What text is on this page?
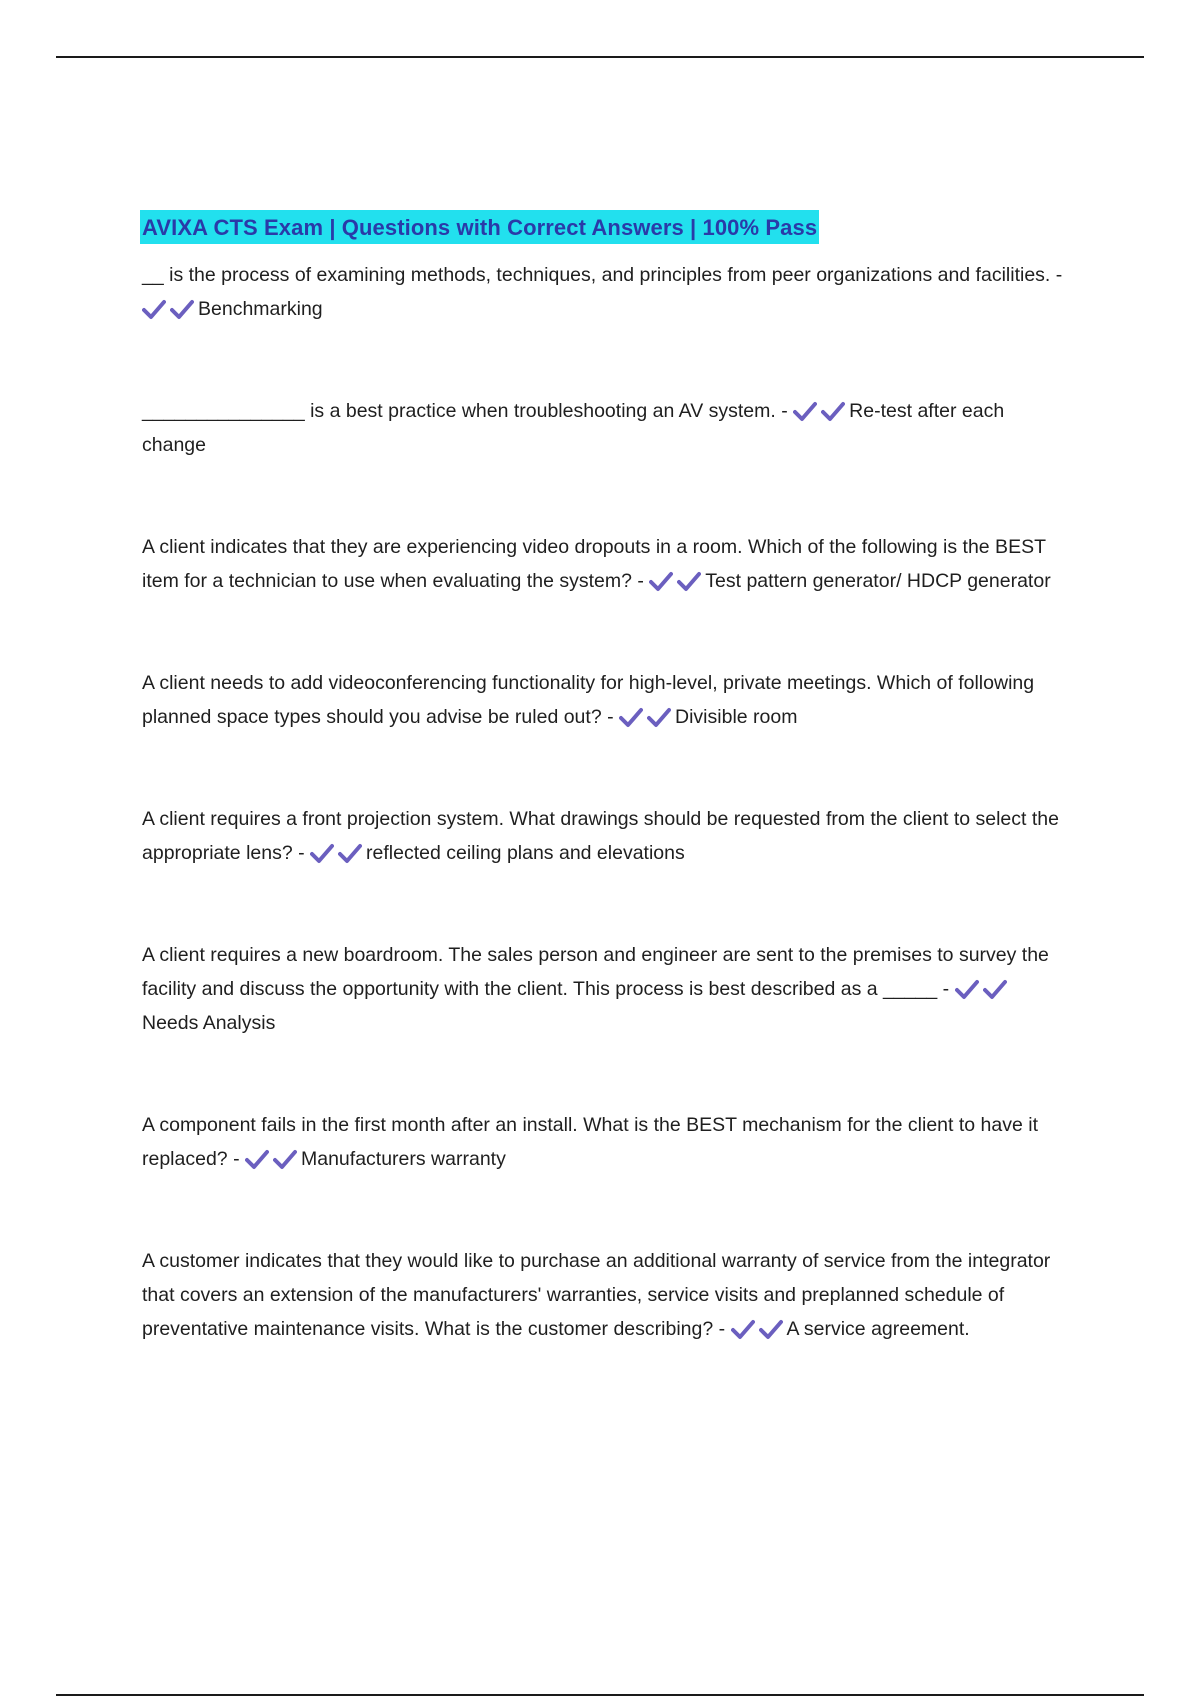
AVIXA CTS Exam | Questions with Correct Answers | 100% Pass

__ is the process of examining methods, techniques, and principles from peer organizations and facilities. -
Benchmarking

_______________ is a best practice when troubleshooting an AV system. -	Re-test after each change

A client indicates that they are experiencing video dropouts in a room. Which of the following is the BEST item for a technician to use when evaluating the system? -	Test pattern generator/ HDCP generator

A client needs to add videoconferencing functionality for high-level, private meetings. Which of following planned space types should you advise be ruled out? -	Divisible room

A client requires a front projection system. What drawings should be requested from the client to select the appropriate lens? -	reflected ceiling plans and elevations

A client requires a new boardroom. The sales person and engineer are sent to the premises to survey the facility and discuss the opportunity with the client. This process is best described as a _____ -
Needs Analysis

A component fails in the first month after an install. What is the BEST mechanism for the client to have it replaced? -	Manufacturers warranty

A customer indicates that they would like to purchase an additional warranty of service from the integrator that covers an extension of the manufacturers' warranties, service visits and preplanned schedule of preventative maintenance visits. What is the customer describing? -	A service agreement.
